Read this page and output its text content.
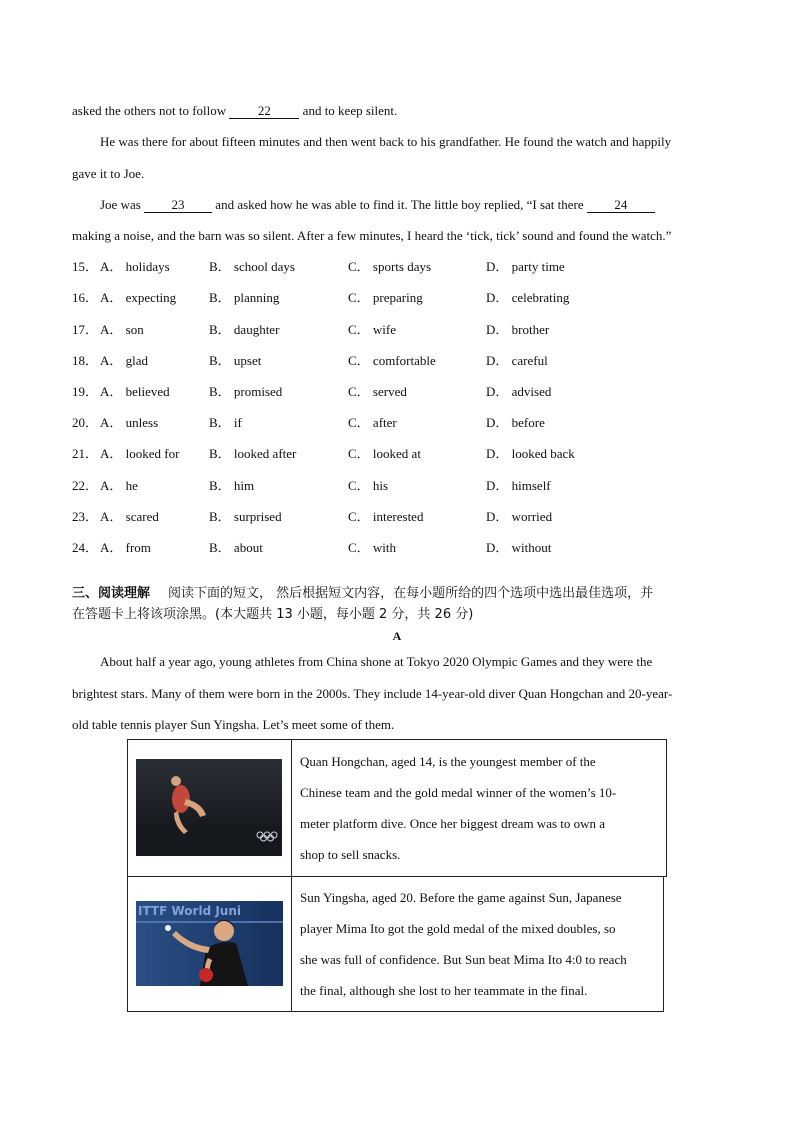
asked the others not to follow 22 and to keep silent.
He was there for about fifteen minutes and then went back to his grandfather. He found the watch and happily
gave it to Joe.
Joe was 23 and asked how he was able to find it. The little boy replied, “I sat there 24
making a noise, and the barn was so silent. After a few minutes, I heard the ‘tick, tick’ sound and found the watch.”
15． A． holidays	B． school days	C． sports days	D． party time
16． A． expecting	B． planning	C． preparing	D． celebrating
17． A． son	B． daughter	C． wife	D． brother
18． A． glad	B． upset	C． comfortable	D． careful
19． A． believed	B． promised	C． served	D． advised
20． A． unless	B． if	C． after	D． before
21． A． looked for B． looked after	C． looked at	D． looked back
22． A． he	B． him	C． his	D． himself
23． A． scared	B． surprised	C． interested	D． worried
24． A． from	B． about	C． with	D． without
三、阅读理解 阅读下面的短文， 然后根据短文内容，在每小题所给的四个选项中选出最佳选项，并
在答题卡上将该项涂黑。(本大题共 13 小题，每小题 2 分，共 26 分)
A
About half a year ago, young athletes from China shone at Tokyo 2020 Olympic Games and they were the
brightest stars. Many of them were born in the 2000s. They include 14-year-old diver Quan Hongchan and 20-year-
old table tennis player Sun Yingsha. Let’s meet some of them.
Quan Hongchan, aged 14, is the youngest member of the
Chinese team and the gold medal winner of the women’s 10-
meter platform dive. Once her biggest dream was to own a
shop to sell snacks.
ITTF World Juni
Sun Yingsha, aged 20. Before the game against Sun, Japanese
player Mima Ito got the gold medal of the mixed doubles, so
she was full of confidence. But Sun beat Mima Ito 4:0 to reach
the final, although she lost to her teammate in the final.
